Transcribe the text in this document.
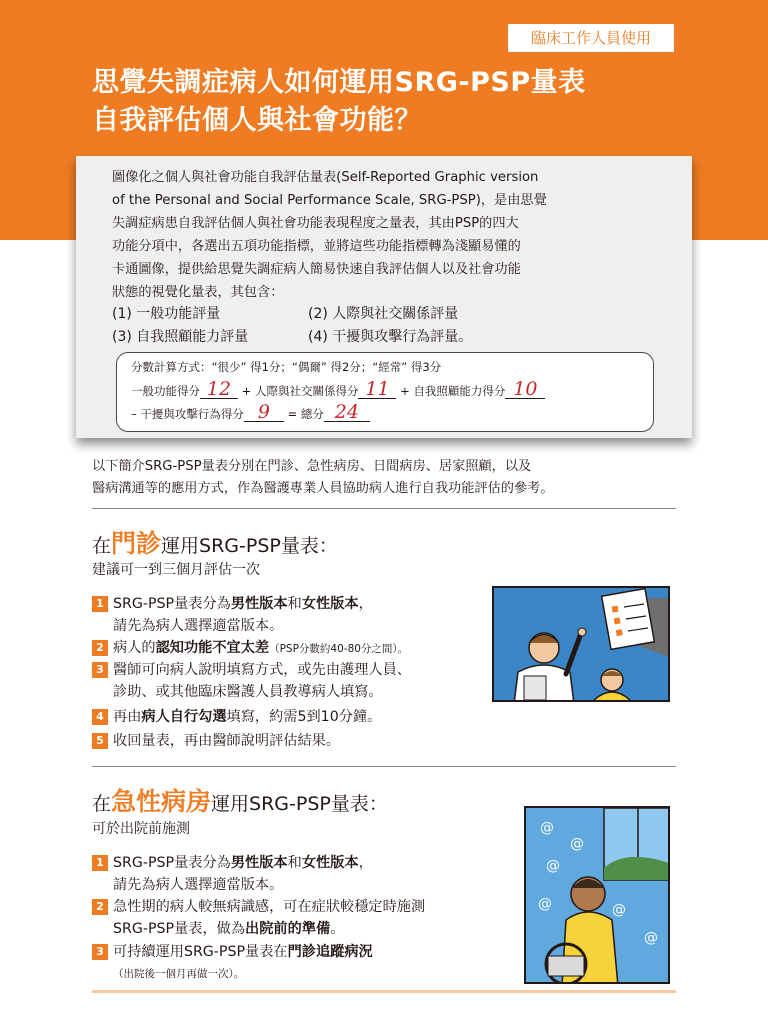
臨床工作人員使用
思覺失調症病人如何運用SRG-PSP量表
自我評估個人與社會功能？
圖像化之個人與社會功能自我評估量表(Self-Reported Graphic version
of the Personal and Social Performance Scale, SRG-PSP)，是由思覺
失調症病患自我評估個人與社會功能表現程度之量表，其由PSP的四大
功能分項中，各選出五項功能指標，並將這些功能指標轉為淺顯易懂的
卡通圖像，提供給思覺失調症病人簡易快速自我評估個人以及社會功能
狀態的視覺化量表，其包含：
(1) 一般功能評量	(2) 人際與社交關係評量
(3) 自我照顧能力評量	(4) 干擾與攻擊行為評量。
分數計算方式：“很少” 得1分；“偶爾” 得2分；“經常” 得3分
一般功能得分 12 + 人際與社交關係得分 11 + 自我照顧能力得分 10
– 干擾與攻擊行為得分 9 = 總分 24
以下簡介SRG-PSP量表分別在門診、急性病房、日間病房、居家照顧，以及
醫病溝通等的應用方式，作為醫護專業人員協助病人進行自我功能評估的參考。
在門診運用SRG-PSP量表：
建議可一到三個月評估一次
1 SRG-PSP量表分為男性版本和女性版本，
請先為病人選擇適當版本。
2 病人的認知功能不宜太差（PSP分數約40-80分之間）。
3 醫師可向病人說明填寫方式，或先由護理人員、
診助、或其他臨床醫護人員教導病人填寫。
4 再由病人自行勾選填寫，約需5到10分鐘。
5 收回量表，再由醫師說明評估結果。
在急性病房運用SRG-PSP量表：
可於出院前施測
1 SRG-PSP量表分為男性版本和女性版本，
請先為病人選擇適當版本。
2 急性期的病人較無病識感，可在症狀較穩定時施測
SRG-PSP量表，做為出院前的準備。
3 可持續運用SRG-PSP量表在門診追蹤病況
（出院後一個月再做一次）。
@
@
@
@	@
@
